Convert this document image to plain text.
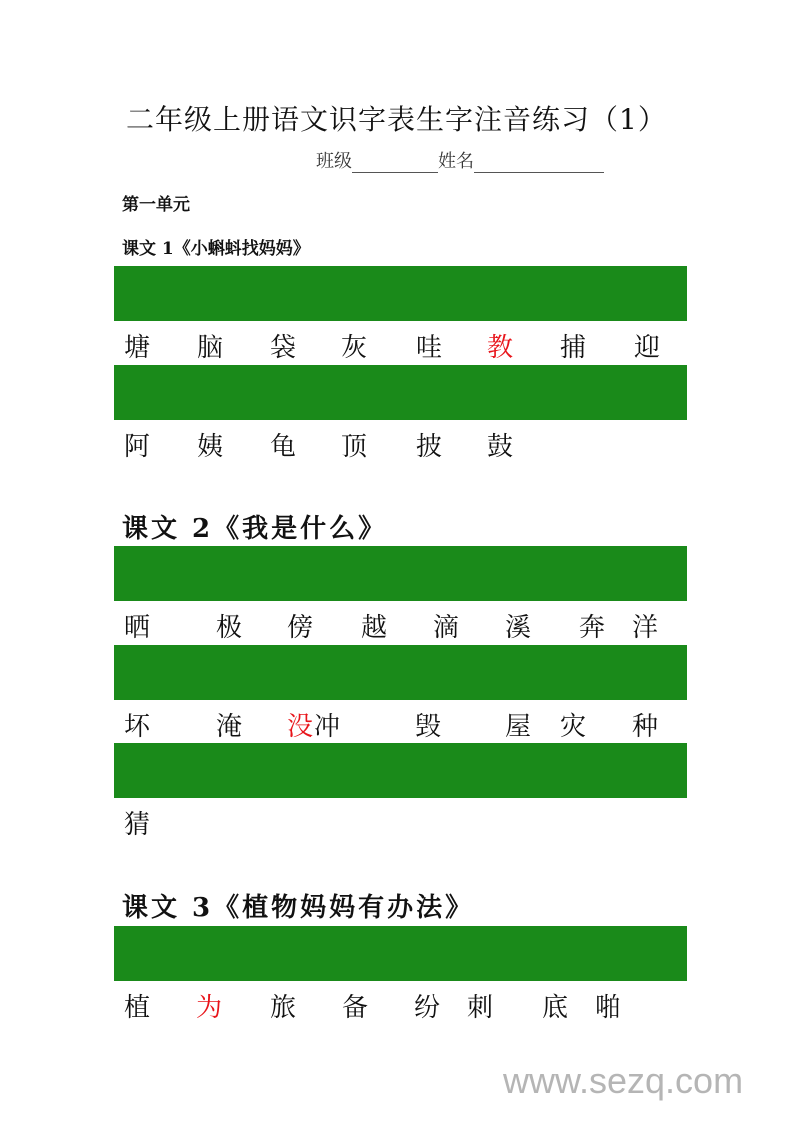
二年级上册语文识字表生字注音练习（1）
班级	姓名
第一单元
课文 1《小蝌蚪找妈妈》

塘 脑 袋 灰 哇 教 捕 迎

阿 姨 龟 顶 披 鼓
课文 2《我是什么》

晒	极 傍 越 滴 溪 奔 洋

坏	淹 没 冲	毁 屋 灾 种

猜
课文 3《植物妈妈有办法》

植 为 旅 备 纷 刺 底 啪
www.sezq.com
